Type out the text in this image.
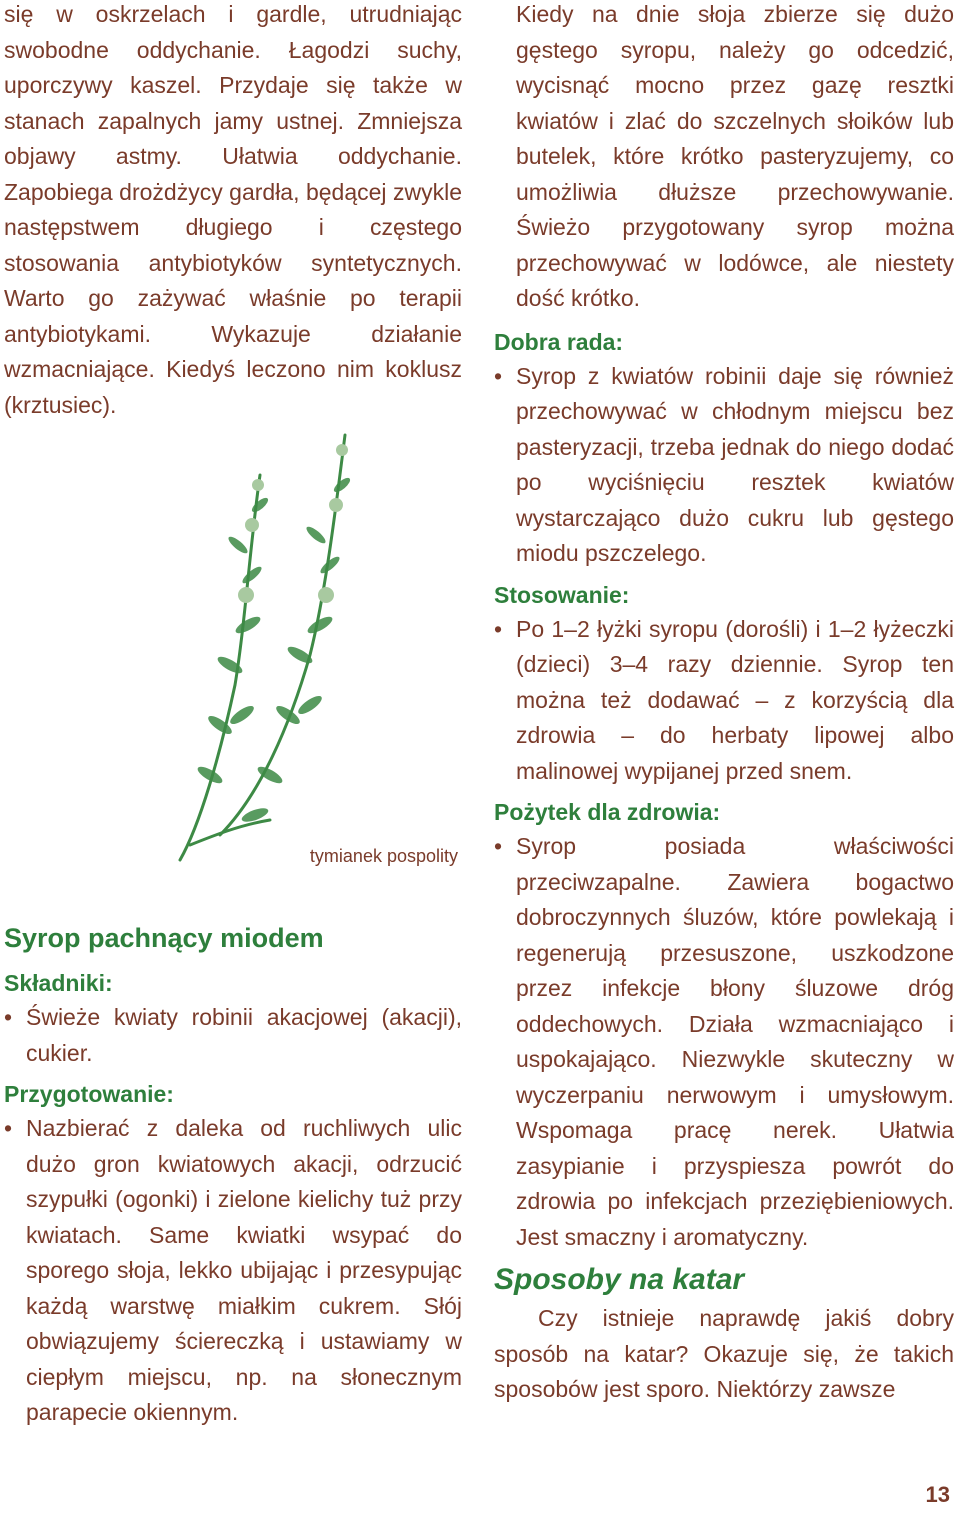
się w oskrzelach i gardle, utrudniając swobodne oddychanie. Łagodzi suchy, uporczywy kaszel. Przydaje się także w stanach zapalnych jamy ustnej. Zmniejsza objawy astmy. Ułatwia oddychanie. Zapobiega drożdżycy gardła, będącej zwykle następstwem długiego i częstego stosowania antybiotyków syntetycznych. Warto go zażywać właśnie po terapii antybiotykami. Wykazuje działanie wzmacniające. Kiedyś leczono nim koklusz (krztusiec).

tymianek pospolity
Syrop pachnący miodem
Składniki:

• Świeże kwiaty robinii akacjowej (akacji), cukier.

Przygotowanie:

• Nazbierać z daleka od ruchliwych ulic dużo gron kwiatowych akacji, odrzucić szypułki (ogonki) i zielone kielichy tuż przy kwiatach. Same kwiatki wsypać do sporego słoja, lekko ubijając i przesypując każdą warstwę miałkim cukrem. Słój obwiązujemy ściereczką i ustawiamy w ciepłym miejscu, np. na słonecznym parapecie okiennym.

Kiedy na dnie słoja zbierze się dużo gęstego syropu, należy go odcedzić, wycisnąć mocno przez gazę resztki kwiatów i zlać do szczelnych słoików lub butelek, które krótko pasteryzujemy, co umożliwia dłuższe przechowywanie. Świeżo przygotowany syrop można przechowywać w lodówce, ale niestety dość krótko.

Dobra rada:

• Syrop z kwiatów robinii daje się również przechowywać w chłodnym miejscu bez pasteryzacji, trzeba jednak do niego dodać po wyciśnięciu resztek kwiatów wystarczająco dużo cukru lub gęstego miodu pszczelego.

Stosowanie:

• Po 1–2 łyżki syropu (dorośli) i 1–2 łyżeczki (dzieci) 3–4 razy dziennie. Syrop ten można też dodawać – z korzyścią dla zdrowia – do herbaty lipowej albo malinowej wypijanej przed snem.

Pożytek dla zdrowia:

• Syrop posiada właściwości przeciwzapalne. Zawiera bogactwo dobroczynnych śluzów, które powlekają i regenerują przesuszone, uszkodzone przez infekcje błony śluzowe dróg oddechowych. Działa wzmacniająco i uspokajająco. Niezwykle skuteczny w wyczerpaniu nerwowym i umysłowym. Wspomaga pracę nerek. Ułatwia zasypianie i przyspiesza powrót do zdrowia po infekcjach przeziębieniowych. Jest smaczny i aromatyczny.

Sposoby na katar

Czy istnieje naprawdę jakiś dobry sposób na katar? Okazuje się, że takich sposobów jest sporo. Niektórzy zawsze

13
